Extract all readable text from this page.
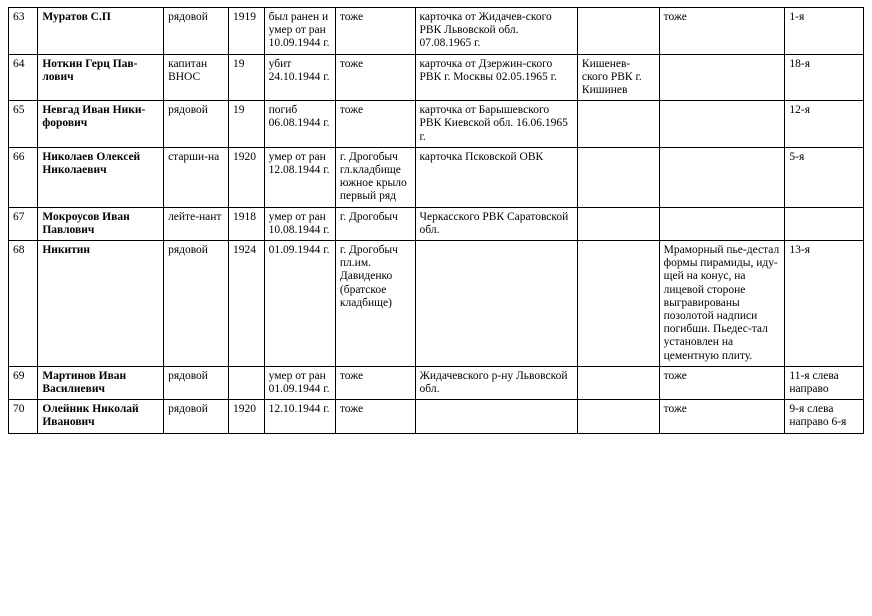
63	Муратов С.П	рядовой	1919	был ранен и умер от ран 10.09.1944 г.	тоже	карточка от Жидачев-ского РВК Львовской обл. 07.08.1965 г.		тоже	1-я

64	Ноткин Герц Пав-лович	капитан ВНОС	19	убит 24.10.1944 г.	тоже	карточка от Дзержин-ского РВК г. Москвы 02.05.1965 г.	Кишенев-ского РВК г. Кишинев		18-я

65	Невгад Иван Ники-форович	рядовой	19	погиб 06.08.1944 г.	тоже	карточка от Барышевского РВК Киевской обл. 16.06.1965 г.			12-я

66	Николаев Олексей Николаевич	старши-на	1920	умер от ран 12.08.1944 г.	г. Дрогобыч гл.кладбище южное крыло первый ряд	карточка Псковской ОВК			5-я

67	Мокроусов Иван Павлович	лейте-нант	1918	умер от ран 10.08.1944 г.	г. Дрогобыч	Черкасского РВК Саратовской обл.			

68	Никитин	рядовой	1924	01.09.1944 г.	г. Дрогобыч пл.им. Давиденко (братское кладбище)			Мраморный пье-дестал формы пирамиды, иду-щей на конус, на лицевой стороне выгравированы позолотой надписи погибши. Пьедес-тал установлен на цементную плиту.	13-я

69	Мартинов Иван Василиевич	рядовой		умер от ран 01.09.1944 г.	тоже	Жидачевского р-ну Львовской обл.		тоже	11-я слева направо

70	Олейник Николай Иванович	рядовой	1920	12.10.1944 г.	тоже			тоже	9-я слева направо 6-я
